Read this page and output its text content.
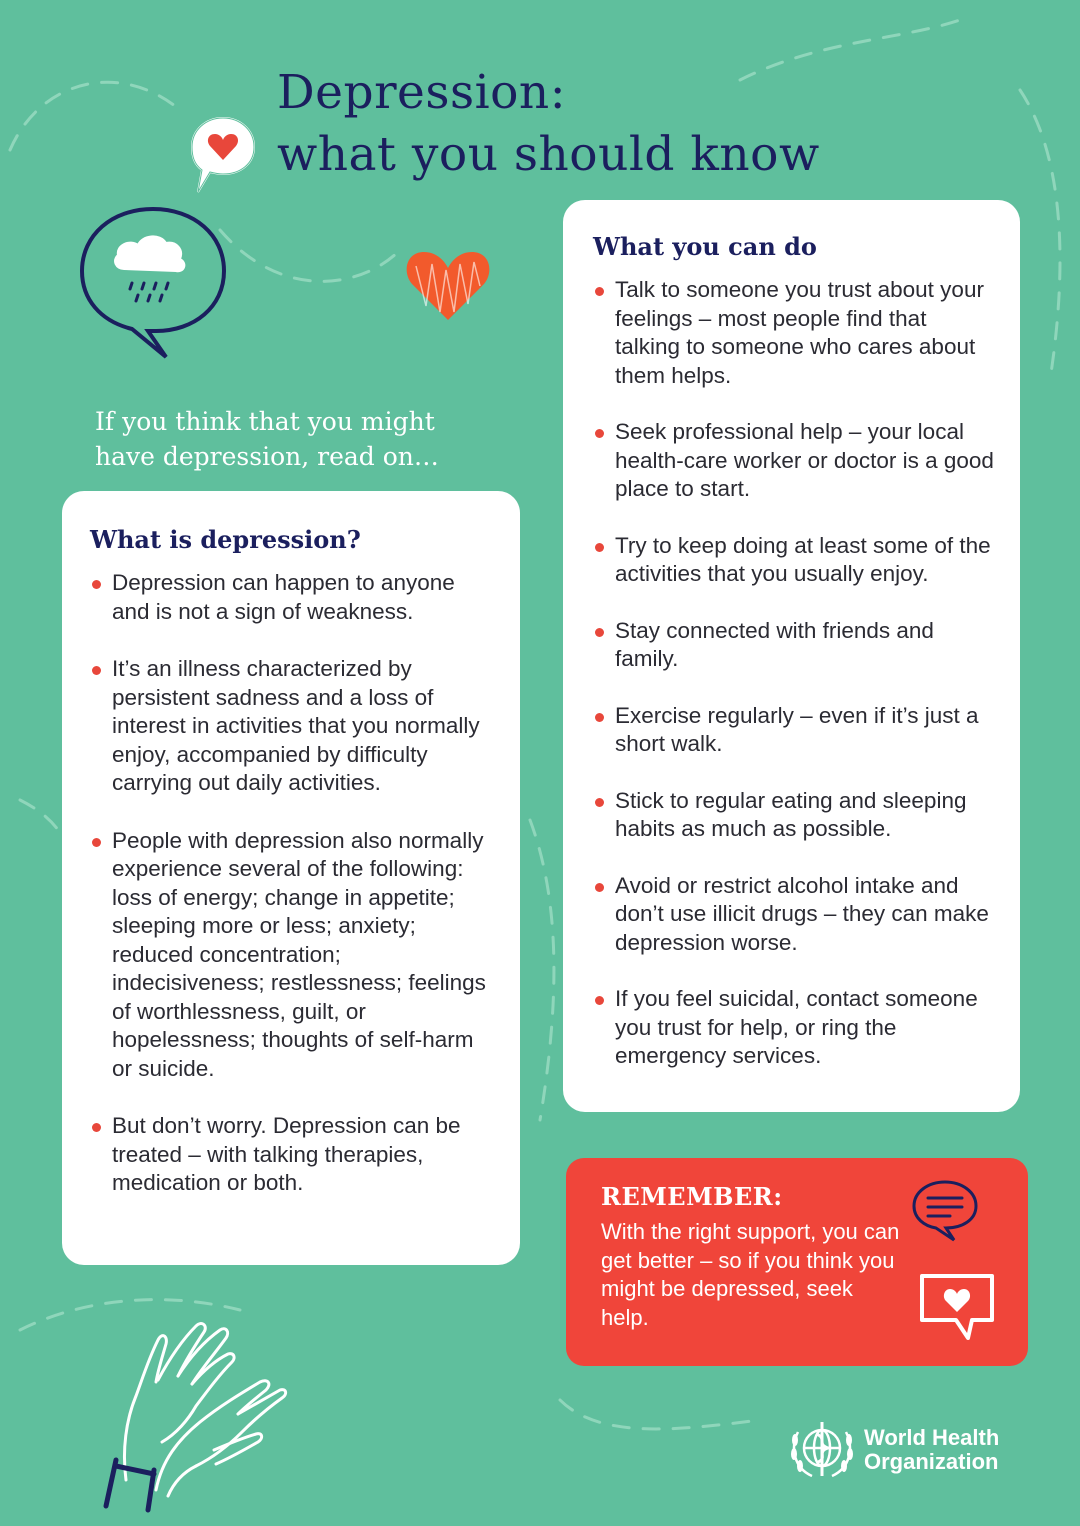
Depression:
what you should know

If you think that you might
have depression, read on…

What is depression?
Depression can happen to anyone and is not a sign of weakness.
It’s an illness characterized by persistent sadness and a loss of interest in activities that you normally enjoy, accompanied by difficulty carrying out daily activities.
People with depression also normally experience several of the following: loss of energy; change in appetite; sleeping more or less; anxiety; reduced concentration; indecisiveness; restlessness; feelings of worthlessness, guilt, or hopelessness; thoughts of self-harm or suicide.
But don’t worry. Depression can be treated – with talking therapies, medication or both.
What you can do
Talk to someone you trust about your feelings – most people find that talking to someone who cares about them helps.
Seek professional help – your local health-care worker or doctor is a good place to start.
Try to keep doing at least some of the activities that you usually enjoy.
Stay connected with friends and family.
Exercise regularly – even if it’s just a short walk.
Stick to regular eating and sleeping habits as much as possible.
Avoid or restrict alcohol intake and don’t use illicit drugs – they can make depression worse.
If you feel suicidal, contact someone you trust for help, or ring the emergency services.
REMEMBER:

With the right support, you can get better – so if you think you might be depressed, seek help.

World Health
Organization
